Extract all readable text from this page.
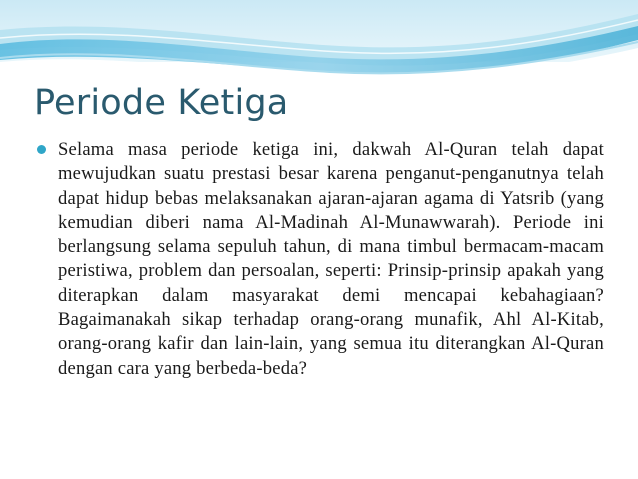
Periode Ketiga
Selama masa periode ketiga ini, dakwah Al-Quran telah dapat mewujudkan suatu prestasi besar karena penganut-penganutnya telah dapat hidup bebas melaksanakan ajaran-ajaran agama di Yatsrib (yang kemudian diberi nama Al-Madinah Al-Munawwarah). Periode ini berlangsung selama sepuluh tahun, di mana timbul bermacam-macam peristiwa, problem dan persoalan, seperti: Prinsip-prinsip apakah yang diterapkan dalam masyarakat demi mencapai kebahagiaan? Bagaimanakah sikap terhadap orang-orang munafik, Ahl Al-Kitab, orang-orang kafir dan lain-lain, yang semua itu diterangkan Al-Quran dengan cara yang berbeda-beda?
